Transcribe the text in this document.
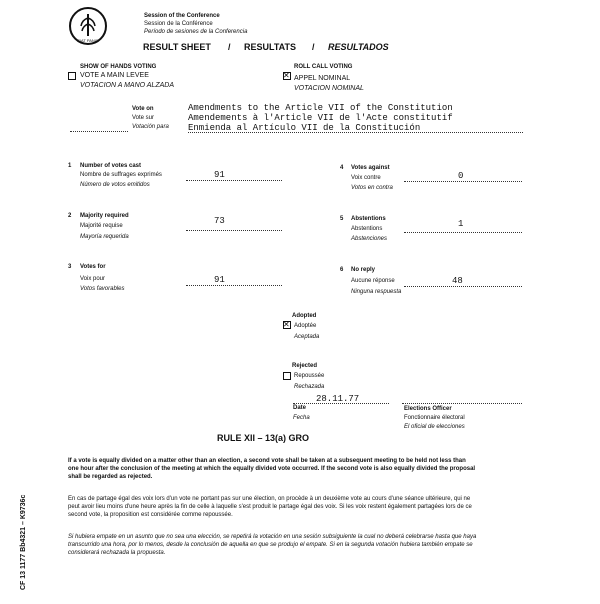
FIAT PANIS
Session of the Conference
Session de la Conférence
Período de sesiones de la Conferencia
RESULT SHEET / RESULTATS / RESULTADOS
SHOW OF HANDS VOTING
VOTE A MAIN LEVEE
VOTACION A MANO ALZADA
ROLL CALL VOTING
✕
APPEL NOMINAL
VOTACION NOMINAL
Vote on
Vote sur
Votación para
Amendments to the Article VII of the Constitution
Amendements à l'Article VII de l'Acte constitutif
Enmienda al Artículo VII de la Constitución
1 Number of votes cast
Nombre de suffrages exprimés
Número de votos emitidos
91
4 Votes against
Voix contre
Votos en contra
0
2 Majority required
Majorité requise
Mayoría requerida
73	5 Abstentions
Abstentions
Abstenciones
1
3 Votes for
Voix pour
Votos favorables
91
6 No reply
Aucune réponse
Ninguna respuesta
48
Adopted
✕
Adoptée
Aceptada
Rejected
Repoussée
Rechazada
28.11.77
Date
Fecha
Elections Officer
Fonctionnaire électoral
El oficial de elecciones
RULE XII – 13(a) GRO
If a vote is equally divided on a matter other than an election, a second vote shall be taken at a subsequent meeting to be held not less than one hour after the conclusion of the meeting at which the equally divided vote occurred. If the second vote is also equally divided the proposal shall be regarded as rejected.
En cas de partage égal des voix lors d'un vote ne portant pas sur une élection, on procède à un deuxième vote au cours d'une séance ultérieure, qui ne peut avoir lieu moins d'une heure après la fin de celle à laquelle s'est produit le partage égal des voix. Si les voix restent également partagées lors de ce second vote, la proposition est considérée comme repoussée.
Si hubiera empate en un asunto que no sea una elección, se repetirá la votación en una sesión subsiguiente la cual no deberá celebrarse hasta que haya transcurrido una hora, por lo menos, desde la conclusión de aquella en que se produjo el empate. Si en la segunda votación hubiera también empate se considerará rechazada la propuesta.
CF 13 1177 Bb4321 – K9736c
